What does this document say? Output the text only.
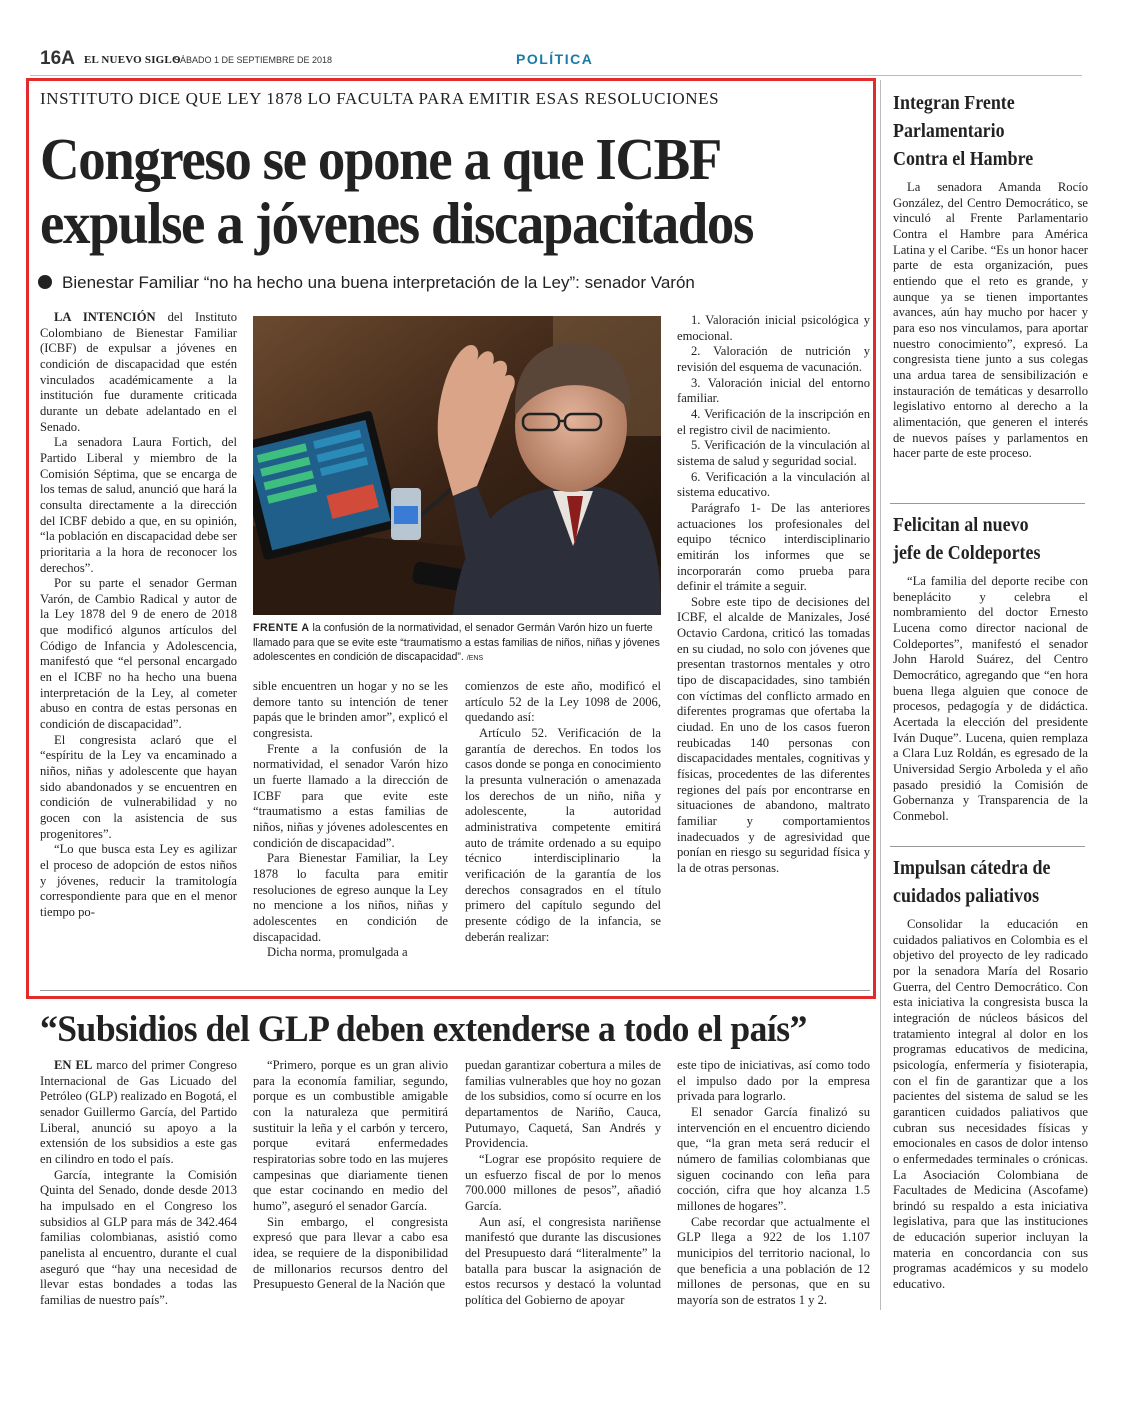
16A EL NUEVO SIGLO
SÁBADO 1 DE SEPTIEMBRE DE 2018	POLÍTICA
INSTITUTO DICE QUE LEY 1878 LO FACULTA PARA EMITIR ESAS RESOLUCIONES
Congreso se opone a que ICBF
expulse a jóvenes discapacitados
Bienestar Familiar “no ha hecho una buena interpretación de la Ley”: senador Varón

LA INTENCIÓN del Instituto Colombiano de Bienestar Familiar (ICBF) de expulsar a jóvenes en condición de discapacidad que estén vinculados académicamente a la institución fue duramente criticada durante un debate adelantado en el Senado.

La senadora Laura Fortich, del Partido Liberal y miembro de la Comisión Séptima, que se encarga de los temas de salud, anunció que hará la consulta directamente a la dirección del ICBF debido a que, en su opinión, “la población en discapacidad debe ser prioritaria a la hora de reconocer los derechos”.

Por su parte el senador German Varón, de Cambio Radical y autor de la Ley 1878 del 9 de enero de 2018 que modificó algunos artículos del Código de Infancia y Adolescencia, manifestó que “el personal encargado en el ICBF no ha hecho una buena interpretación de la Ley, al cometer abuso en contra de estas personas en condición de discapacidad”.

El congresista aclaró que el “espíritu de la Ley va encaminado a niños, niñas y adolescente que hayan sido abandonados y se encuentren en condición de vulnerabilidad y no gocen con la asistencia de sus progenitores”.

“Lo que busca esta Ley es agilizar el proceso de adopción de estos niños y jóvenes, reducir la tramitología correspondiente para que en el menor tiempo po-

FRENTE A la confusión de la normatividad, el senador Germán Varón hizo un fuerte llamado para que se evite este “traumatismo a estas familias de niños, niñas y jóvenes adolescentes en condición de discapacidad”. /ENS

sible encuentren un hogar y no se les demore tanto su intención de tener papás que le brinden amor”, explicó el congresista.

Frente a la confusión de la normatividad, el senador Varón hizo un fuerte llamado a la dirección de ICBF para que evite este “traumatismo a estas familias de niños, niñas y jóvenes adolescentes en condición de discapacidad”.

Para Bienestar Familiar, la Ley 1878 lo faculta para emitir resoluciones de egreso aunque la Ley no mencione a los niños, niñas y adolescentes en condición de discapacidad.

Dicha norma, promulgada a

comienzos de este año, modificó el artículo 52 de la Ley 1098 de 2006, quedando así:

Artículo 52. Verificación de la garantía de derechos. En todos los casos donde se ponga en conocimiento la presunta vulneración o amenazada los derechos de un niño, niña y adolescente, la autoridad administrativa competente emitirá auto de trámite ordenado a su equipo técnico interdisciplinario la verificación de la garantía de los derechos consagrados en el título primero del capítulo segundo del presente código de la infancia, se deberán realizar:

1. Valoración inicial psicológica y emocional.

2. Valoración de nutrición y revisión del esquema de vacunación.

3. Valoración inicial del entorno familiar.

4. Verificación de la inscripción en el registro civil de nacimiento.

5. Verificación de la vinculación al sistema de salud y seguridad social.

6. Verificación a la vinculación al sistema educativo.

Parágrafo 1- De las anteriores actuaciones los profesionales del equipo técnico interdisciplinario emitirán los informes que se incorporarán como prueba para definir el trámite a seguir.

Sobre este tipo de decisiones del ICBF, el alcalde de Manizales, José Octavio Cardona, criticó las tomadas en su ciudad, no solo con jóvenes que presentan trastornos mentales y otro tipo de discapacidades, sino también con víctimas del conflicto armado en diferentes programas que ofertaba la ciudad. En uno de los casos fueron reubicadas 140 personas con discapacidades mentales, cognitivas y físicas, procedentes de las diferentes regiones del país por encontrarse en situaciones de abandono, maltrato familiar y comportamientos inadecuados y de agresividad que ponían en riesgo su seguridad física y la de otras personas.

Integran Frente
Parlamentario
Contra el Hambre

La senadora Amanda Rocío González, del Centro Democrático, se vinculó al Frente Parlamentario Contra el Hambre para América Latina y el Caribe. “Es un honor hacer parte de esta organización, pues entiendo que el reto es grande, y aunque ya se tienen importantes avances, aún hay mucho por hacer y para eso nos vinculamos, para aportar nuestro conocimiento”, expresó. La congresista tiene junto a sus colegas una ardua tarea de sensibilización e instauración de temáticas y desarrollo legislativo entorno al derecho a la alimentación, que generen el interés de nuevos países y parlamentos en hacer parte de este proceso.

Felicitan al nuevo
jefe de Coldeportes

“La familia del deporte recibe con beneplácito y celebra el nombramiento del doctor Ernesto Lucena como director nacional de Coldeportes”, manifestó el senador John Harold Suárez, del Centro Democrático, agregando que “en hora buena llega alguien que conoce de procesos, pedagogía y de didáctica. Acertada la elección del presidente Iván Duque”. Lucena, quien remplaza a Clara Luz Roldán, es egresado de la Universidad Sergio Arboleda y el año pasado presidió la Comisión de Gobernanza y Transparencia de la Conmebol.

Impulsan cátedra de
cuidados paliativos

Consolidar la educación en cuidados paliativos en Colombia es el objetivo del proyecto de ley radicado por la senadora María del Rosario Guerra, del Centro Democrático. Con esta iniciativa la congresista busca la integración de núcleos básicos del tratamiento integral al dolor en los programas educativos de medicina, psicología, enfermería y fisioterapia, con el fin de garantizar que a los pacientes del sistema de salud se les garanticen cuidados paliativos que cubran sus necesidades físicas y emocionales en casos de dolor intenso o enfermedades terminales o crónicas. La Asociación Colombiana de Facultades de Medicina (Ascofame) brindó su respaldo a esta iniciativa legislativa, para que las instituciones de educación superior incluyan la materia en concordancia con sus programas académicos y su modelo educativo.

“Subsidios del GLP deben extenderse a todo el país”

EN EL marco del primer Congreso Internacional de Gas Licuado del Petróleo (GLP) realizado en Bogotá, el senador Guillermo García, del Partido Liberal, anunció su apoyo a la extensión de los subsidios a este gas en cilindro en todo el país.

García, integrante la Comisión Quinta del Senado, donde desde 2013 ha impulsado en el Congreso los subsidios al GLP para más de 342.464 familias colombianas, asistió como panelista al encuentro, durante el cual aseguró que “hay una necesidad de llevar estas bondades a todas las familias de nuestro país”.

“Primero, porque es un gran alivio para la economía familiar, segundo, porque es un combustible amigable con la naturaleza que permitirá sustituir la leña y el carbón y tercero, porque evitará enfermedades respiratorias sobre todo en las mujeres campesinas que diariamente tienen que estar cocinando en medio del humo”, aseguró el senador García.

Sin embargo, el congresista expresó que para llevar a cabo esa idea, se requiere de la disponibilidad de millonarios recursos dentro del Presupuesto General de la Nación que

puedan garantizar cobertura a miles de familias vulnerables que hoy no gozan de los subsidios, como sí ocurre en los departamentos de Nariño, Cauca, Putumayo, Caquetá, San Andrés y Providencia.

“Lograr ese propósito requiere de un esfuerzo fiscal de por lo menos 700.000 millones de pesos”, añadió García.

Aun así, el congresista nariñense manifestó que durante las discusiones del Presupuesto dará “literalmente” la batalla para buscar la asignación de estos recursos y destacó la voluntad política del Gobierno de apoyar

este tipo de iniciativas, así como todo el impulso dado por la empresa privada para lograrlo.

El senador García finalizó su intervención en el encuentro diciendo que, “la gran meta será reducir el número de familias colombianas que siguen cocinando con leña para cocción, cifra que hoy alcanza 1.5 millones de hogares”.

Cabe recordar que actualmente el GLP llega a 922 de los 1.107 municipios del territorio nacional, lo que beneficia a una población de 12 millones de personas, que en su mayoría son de estratos 1 y 2.
